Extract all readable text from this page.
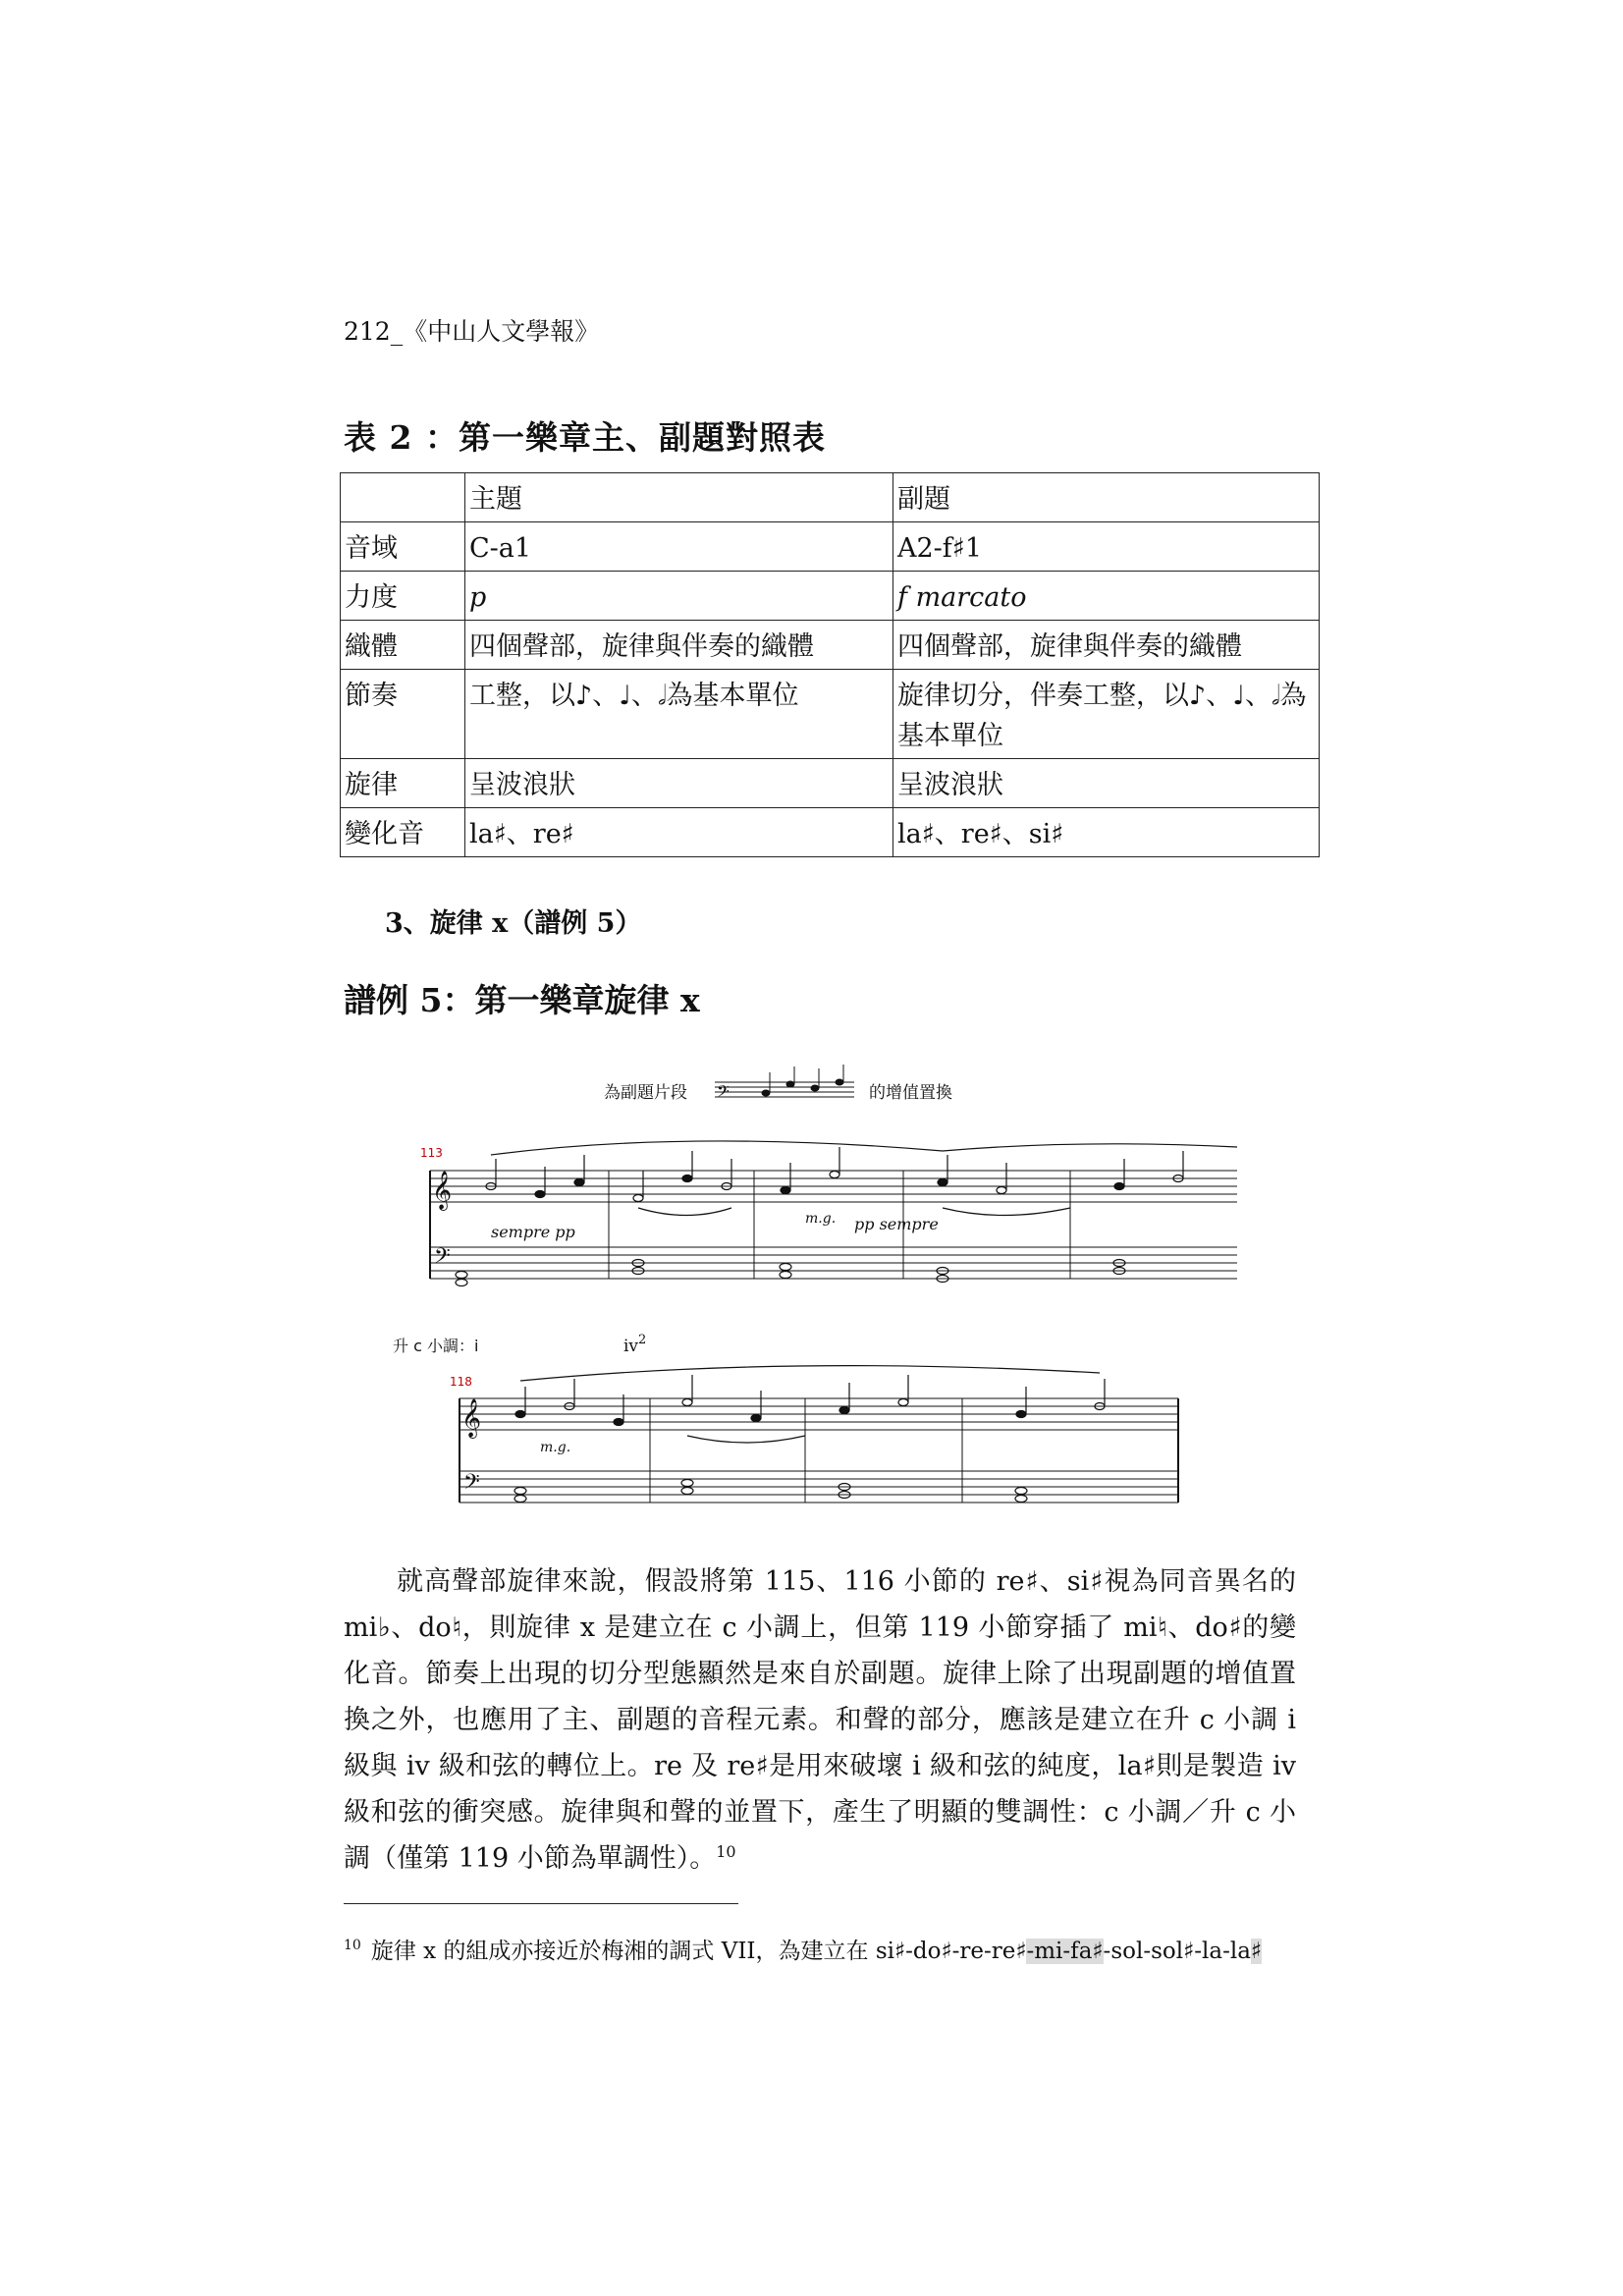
212_《中山人文學報》
表 2 ：第一樂章主、副題對照表
	主題	副題
音域	C-a1	A2-f♯1
力度	p	f marcato
織體	四個聲部，旋律與伴奏的織體	四個聲部，旋律與伴奏的織體
節奏	工整，以♪、♩、𝅗𝅥為基本單位	旋律切分，伴奏工整，以♪、♩、𝅗𝅥為基本單位
旋律	呈波浪狀	呈波浪狀
變化音	la♯、re♯	la♯、re♯、si♯
3、旋律 x（譜例 5）
譜例 5：第一樂章旋律 x
為副題片段 𝄢	的增值置換
113
𝄞
𝄢
sempre pp
m.g. pp sempre
升 c 小調：i	$iv^2$
118
𝄞
𝄢
m.g.
就高聲部旋律來說，假設將第 115、116 小節的 re♯、si♯視為同音異名的 mi♭、do♮，則旋律 x 是建立在 c 小調上，但第 119 小節穿插了 mi♮、do♯的變化音。節奏上出現的切分型態顯然是來自於副題。旋律上除了出現副題的增值置換之外，也應用了主、副題的音程元素。和聲的部分，應該是建立在升 c 小調 i 級與 iv 級和弦的轉位上。re 及 re♯是用來破壞 i 級和弦的純度，la♯則是製造 iv 級和弦的衝突感。旋律與和聲的並置下，產生了明顯的雙調性：c 小調／升 c 小調（僅第 119 小節為單調性）。$^{10}$
$^{10}$ 旋律 x 的組成亦接近於梅湘的調式 VII，為建立在 si♯-do♯-re-re♯-mi-fa♯-sol-sol♯-la-la♯
